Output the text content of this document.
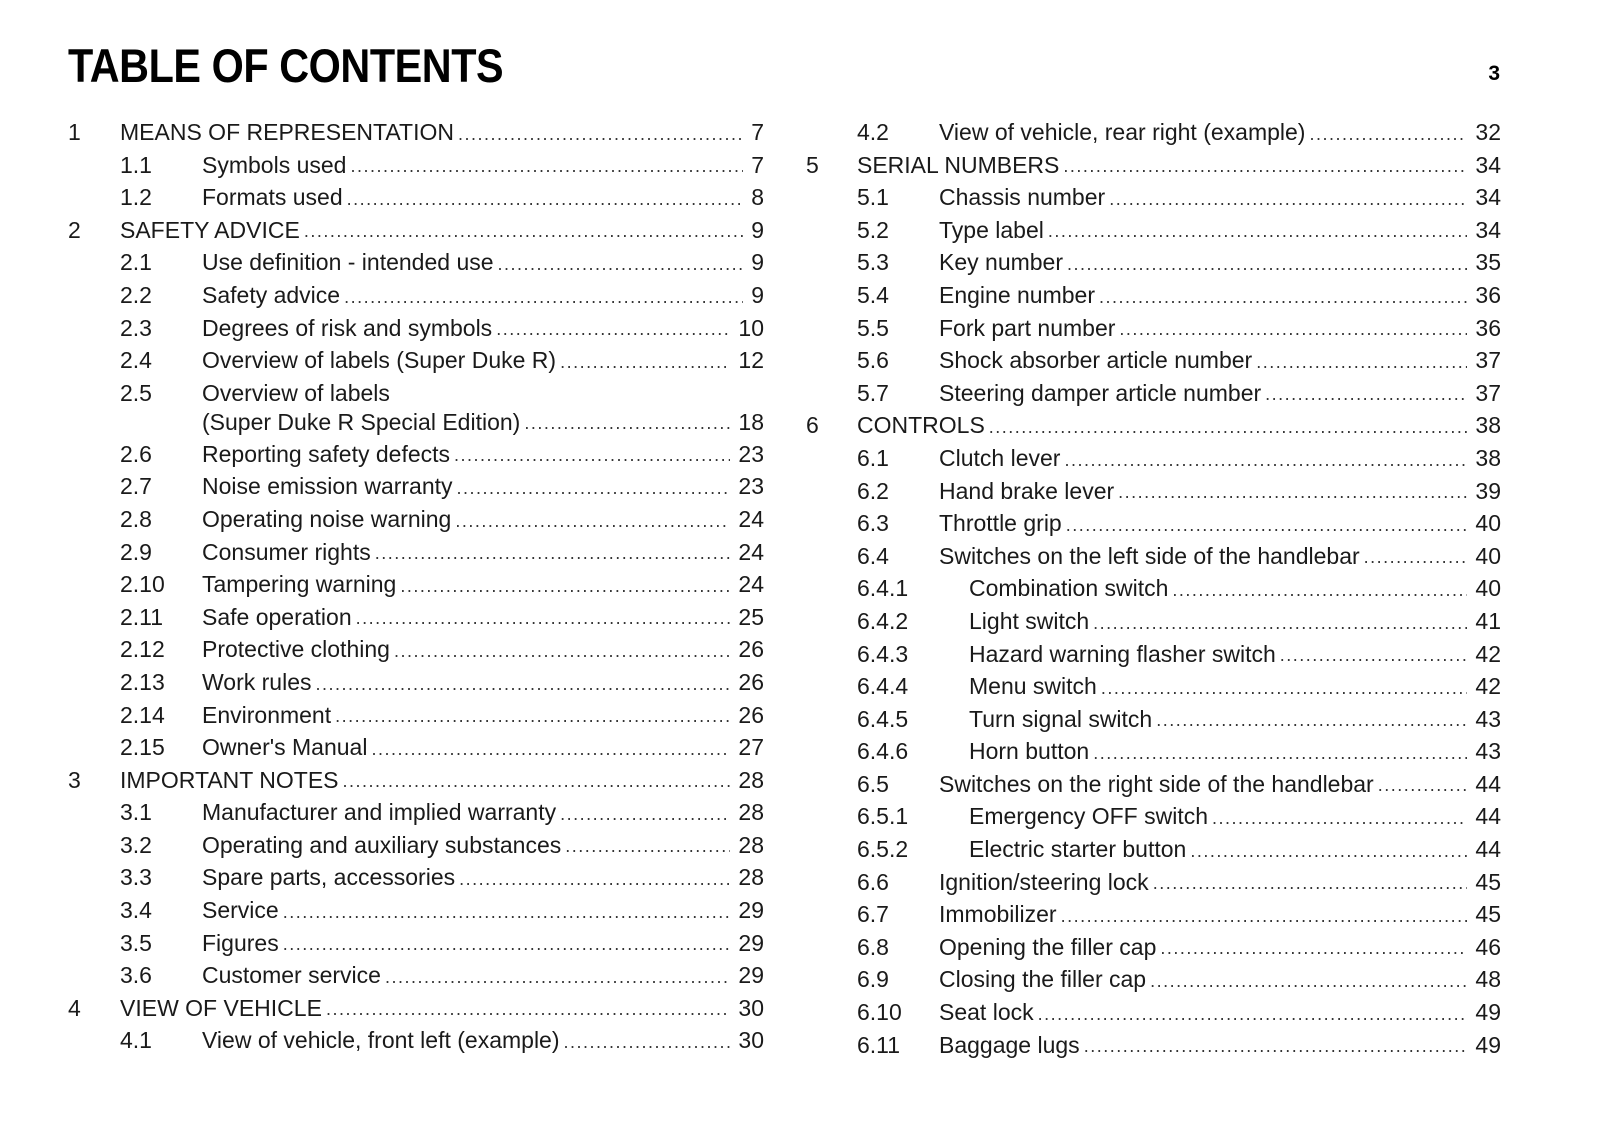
TABLE OF CONTENTS	3
1 MEANS OF REPRESENTATION .....	7
1.1 Symbols used .....	7
1.2 Formats used .....	8
2 SAFETY ADVICE .....	9
2.1 Use definition - intended use .....	9
2.2 Safety advice .....	9
2.3 Degrees of risk and symbols .....	10
2.4 Overview of labels (Super Duke R) .....	12
2.5 Overview of labels
(Super Duke R Special Edition) .....	18
2.6 Reporting safety defects .....	23
2.7 Noise emission warranty .....	23
2.8 Operating noise warning .....	24
2.9 Consumer rights .....	24
2.10 Tampering warning .....	24
2.11 Safe operation .....	25
2.12 Protective clothing .....	26
2.13 Work rules .....	26
2.14 Environment .....	26
2.15 Owner's Manual .....	27
3 IMPORTANT NOTES .....	28
3.1 Manufacturer and implied warranty .....	28
3.2 Operating and auxiliary substances .....	28
3.3 Spare parts, accessories .....	28
3.4 Service .....	29
3.5 Figures .....	29
3.6 Customer service .....	29
4 VIEW OF VEHICLE .....	30
4.1 View of vehicle, front left (example) .....	30
4.2 View of vehicle, rear right (example) .....	32
5 SERIAL NUMBERS .....	34
5.1 Chassis number .....	34
5.2 Type label .....	34
5.3 Key number .....	35
5.4 Engine number .....	36
5.5 Fork part number .....	36
5.6 Shock absorber article number .....	37
5.7 Steering damper article number .....	37
6 CONTROLS .....	38
6.1 Clutch lever .....	38
6.2 Hand brake lever .....	39
6.3 Throttle grip .....	40
6.4 Switches on the left side of the handlebar .....	40
6.4.1	Combination switch .....	40
6.4.2	Light switch .....	41
6.4.3	Hazard warning flasher switch .....	42
6.4.4	Menu switch .....	42
6.4.5	Turn signal switch .....	43
6.4.6	Horn button .....	43
6.5 Switches on the right side of the handlebar .....	44
6.5.1	Emergency OFF switch .....	44
6.5.2	Electric starter button .....	44
6.6 Ignition/steering lock .....	45
6.7 Immobilizer .....	45
6.8 Opening the filler cap .....	46
6.9 Closing the filler cap .....	48
6.10 Seat lock .....	49
6.11 Baggage lugs .....	49
